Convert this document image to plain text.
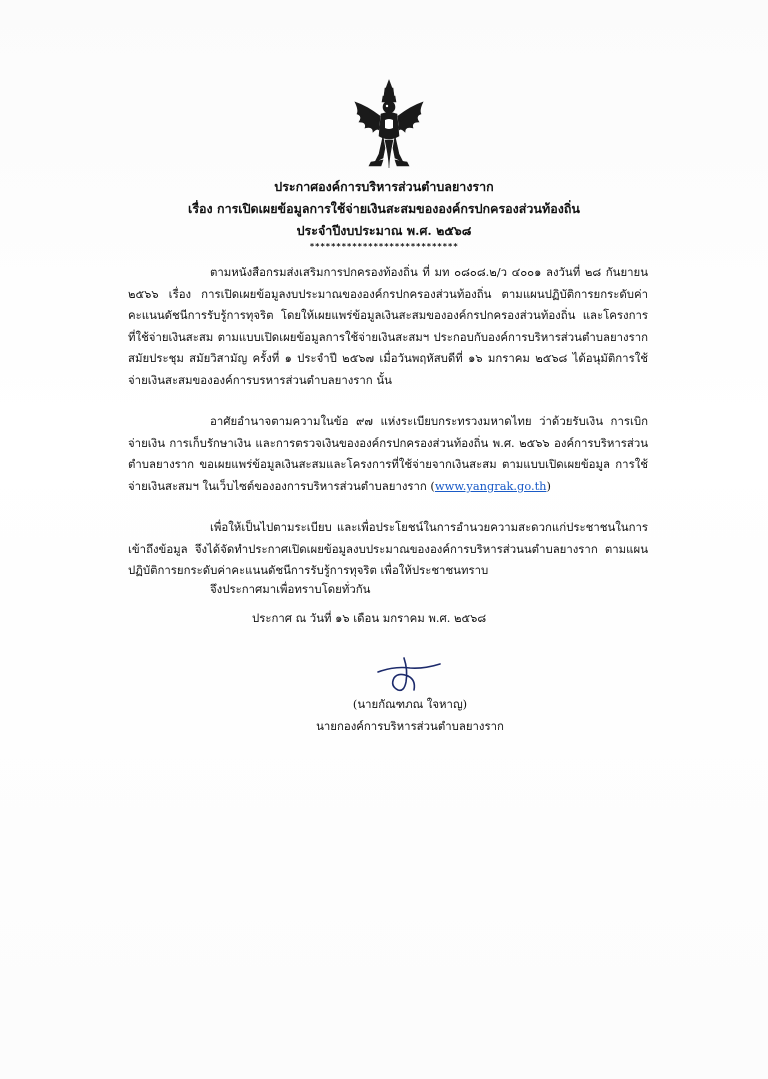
ประกาศองค์การบริหารส่วนตำบลยางราก
เรื่อง การเปิดเผยข้อมูลการใช้จ่ายเงินสะสมขององค์กรปกครองส่วนท้องถิ่น
ประจำปีงบประมาณ พ.ศ. ๒๕๖๘
****************************

ตามหนังสือกรมส่งเสริมการปกครองท้องถิ่น ที่ มท ๐๘๐๘.๒/ว ๔๐๐๑ ลงวันที่ ๒๘ กันยายน ๒๕๖๖ เรื่อง การเปิดเผยข้อมูลงบประมาณขององค์กรปกครองส่วนท้องถิ่น ตามแผนปฏิบัติการยกระดับค่าคะแนนดัชนีการรับรู้การทุจริต โดยให้เผยแพร่ข้อมูลเงินสะสมขององค์กรปกครองส่วนท้องถิ่น และโครงการที่ใช้จ่ายเงินสะสม ตามแบบเปิดเผยข้อมูลการใช้จ่ายเงินสะสมฯ ประกอบกับองค์การบริหารส่วนตำบลยางราก สมัยประชุม สมัยวิสามัญ ครั้งที่ ๑ ประจำปี ๒๕๖๗ เมื่อวันพฤหัสบดีที่ ๑๖ มกราคม ๒๕๖๘ ได้อนุมัติการใช้จ่ายเงินสะสมขององค์การบรหารส่วนตำบลยางราก นั้น

อาศัยอำนาจตามความในข้อ ๙๗ แห่งระเบียบกระทรวงมหาดไทย ว่าด้วยรับเงิน การเบิกจ่ายเงิน การเก็บรักษาเงิน และการตรวจเงินขององค์กรปกครองส่วนท้องถิ่น พ.ศ. ๒๕๖๖ องค์การบริหารส่วนตำบลยางราก ขอเผยแพร่ข้อมูลเงินสะสมและโครงการที่ใช้จ่ายจากเงินสะสม ตามแบบเปิดเผยข้อมูล การใช้จ่ายเงินสะสมฯ ในเว็บไซต์ขององการบริหารส่วนตำบลยางราก (www.yangrak.go.th)

เพื่อให้เป็นไปตามระเบียบ และเพื่อประโยชน์ในการอำนวยความสะดวกแก่ประชาชนในการเข้าถึงข้อมูล จึงได้จัดทำประกาศเปิดเผยข้อมูลงบประมาณขององค์การบริหารส่วนนตำบลยางราก ตามแผนปฏิบัติการยกระดับค่าคะแนนดัชนีการรับรู้การทุจริต เพื่อให้ประชาชนทราบ

จึงประกาศมาเพื่อทราบโดยทั่วกัน

ประกาศ ณ วันที่ ๑๖ เดือน มกราคม พ.ศ. ๒๕๖๘
(นายกัณฑภณ ใจหาญ)
นายกองค์การบริหารส่วนตำบลยางราก
